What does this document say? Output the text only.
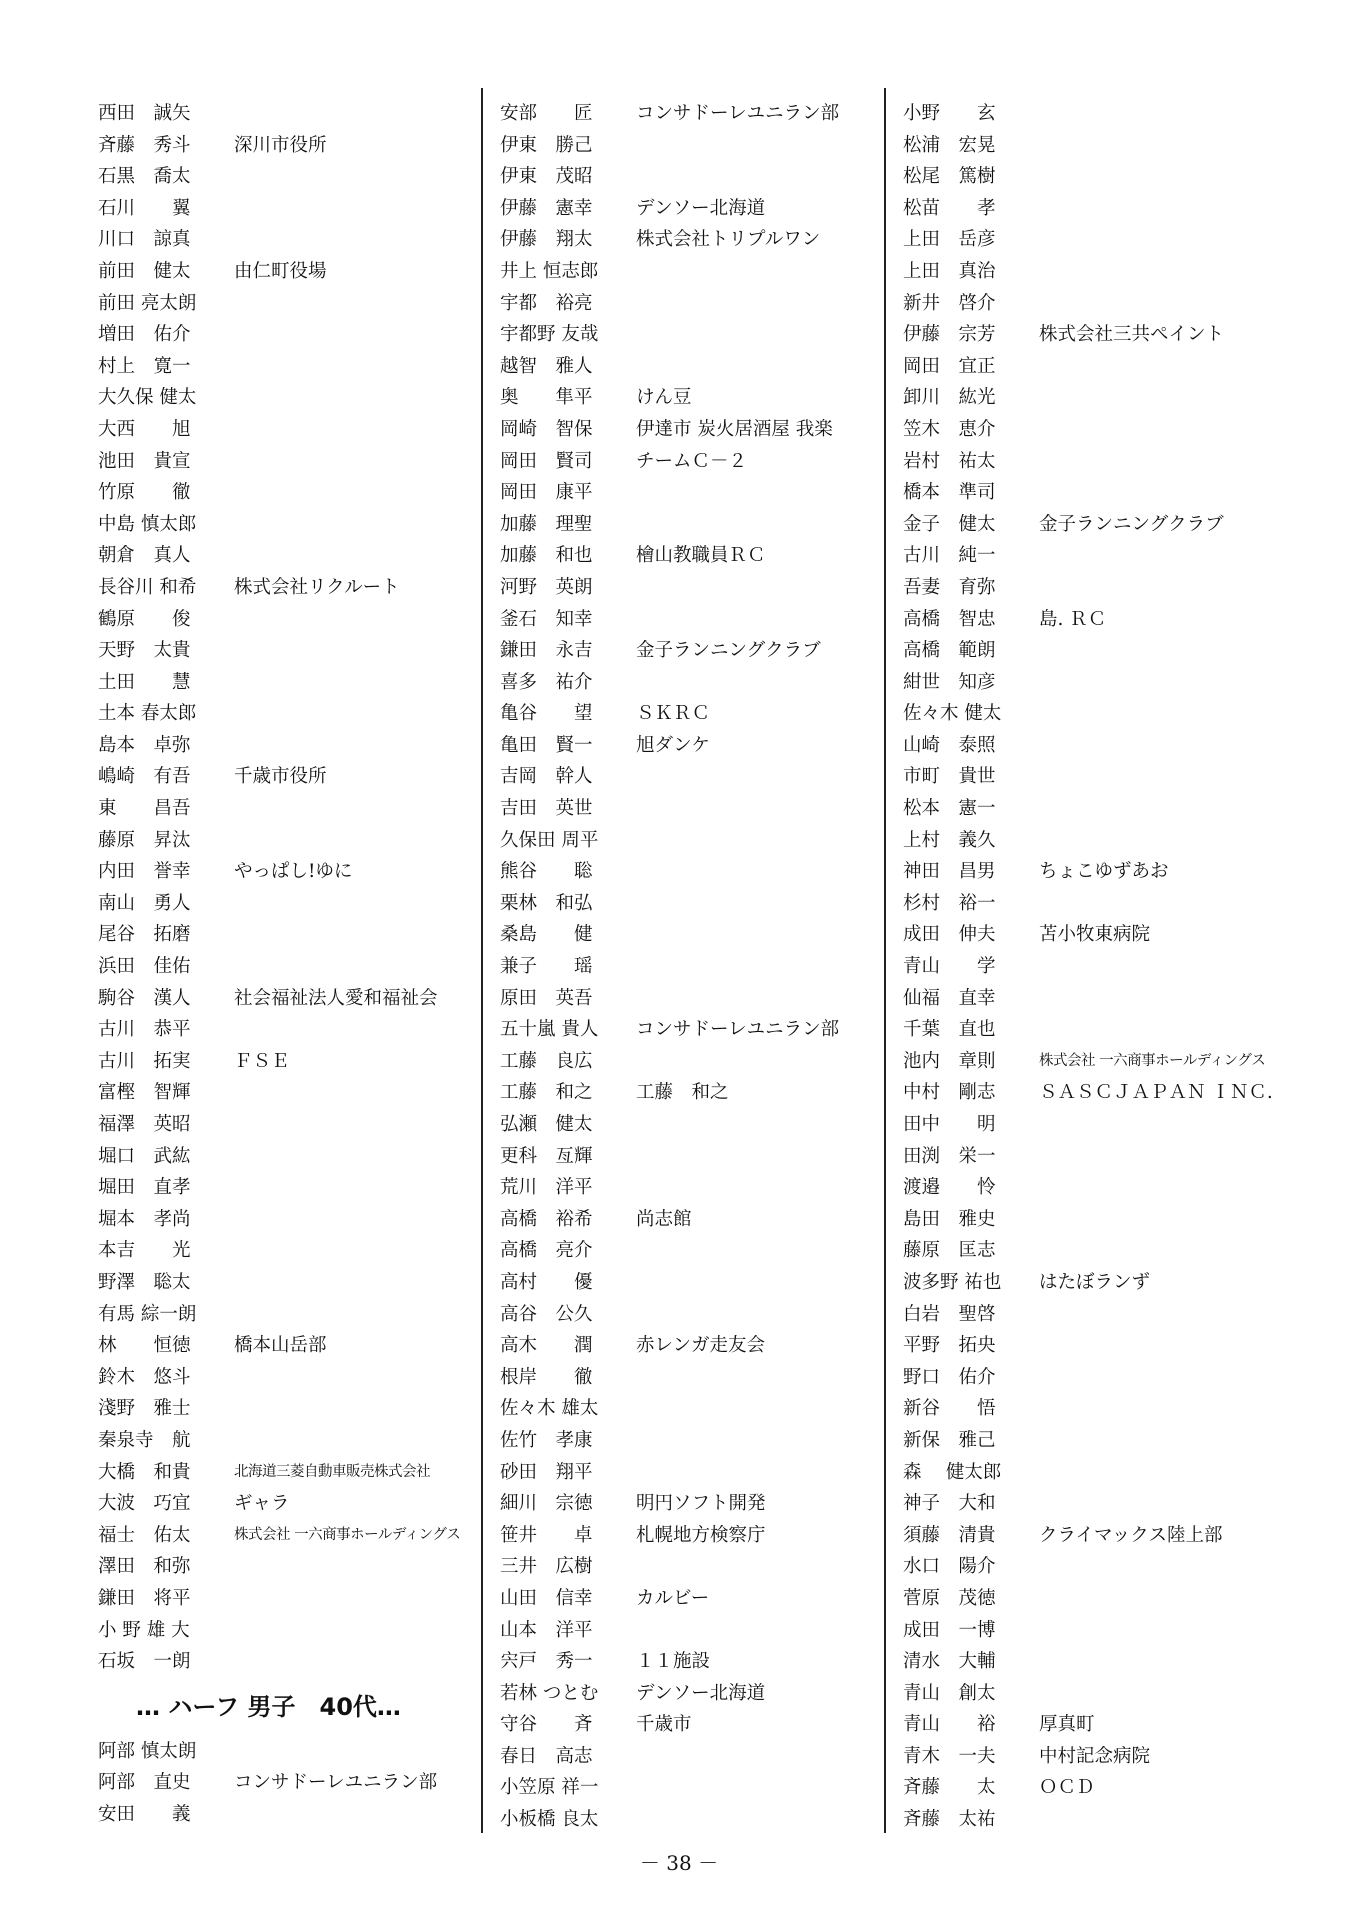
西田　誠矢
斉藤　秀斗	深川市役所
石黒　喬太
石川　　翼
川口　諒真
前田　健太	由仁町役場
前田 亮太朗
増田　佑介
村上　寛一
大久保 健太
大西　　旭
池田　貴宣
竹原　　徹
中島 慎太郎
朝倉　真人
長谷川 和希	株式会社リクルート
鶴原　　俊
天野　太貴
土田　　慧
土本 春太郎
島本　卓弥
嶋崎　有吾	千歳市役所
東　　昌吾
藤原　昇汰
内田　誉幸	やっぱし!ゆに
南山　勇人
尾谷　拓磨
浜田　佳佑
駒谷　漢人	社会福祉法人愛和福祉会
古川　恭平
古川　拓実	ＦＳＥ
富樫　智輝
福澤　英昭
堀口　武紘
堀田　直孝
堀本　孝尚
本吉　　光
野澤　聡太
有馬 綜一朗
林　　恒徳	橋本山岳部
鈴木　悠斗
淺野　雅士
秦泉寺　航
大橋　和貴	北海道三菱自動車販売株式会社
大波　巧宜	ギャラ
福士　佑太	株式会社 一六商事ホールディングス
澤田　和弥
鎌田　将平
小 野 雄 大
石坂　一朗
… ハーフ 男子　40代…
阿部 慎太朗
阿部　直史	コンサドーレユニラン部
安田　　義
安部　　匠	コンサドーレユニラン部
伊東　勝己
伊東　茂昭
伊藤　憲幸	デンソー北海道
伊藤　翔太	株式会社トリプルワン
井上 恒志郎
宇都　裕亮
宇都野 友哉
越智　雅人
奥　　隼平	けん豆
岡崎　智保	伊達市 炭火居酒屋 我楽
岡田　賢司	チームＣ－２
岡田　康平
加藤　理聖
加藤　和也	檜山教職員ＲＣ
河野　英朗
釜石　知幸
鎌田　永吉	金子ランニングクラブ
喜多　祐介
亀谷　　望	ＳＫＲＣ
亀田　賢一	旭ダンケ
吉岡　幹人
吉田　英世
久保田 周平
熊谷　　聡
栗林　和弘
桑島　　健
兼子　　瑶
原田　英吾
五十嵐 貴人	コンサドーレユニラン部
工藤　良広
工藤　和之	工藤　和之
弘瀬　健太
更科　亙輝
荒川　洋平
高橋　裕希	尚志館
高橋　亮介
高村　　優
高谷　公久
高木　　潤	赤レンガ走友会
根岸　　徹
佐々木 雄太
佐竹　孝康
砂田　翔平
細川　宗徳	明円ソフト開発
笹井　　卓	札幌地方検察庁
三井　広樹
山田　信幸	カルビー
山本　洋平
宍戸　秀一	１１施設
若林 つとむ	デンソー北海道
守谷　　斉	千歳市
春日　高志
小笠原 祥一
小板橋 良太
小野　　玄
松浦　宏晃
松尾　篤樹
松苗　　孝
上田　岳彦
上田　真治
新井　啓介
伊藤　宗芳	株式会社三共ペイント
岡田　宜正
卸川　紘光
笠木　恵介
岩村　祐太
橋本　準司
金子　健太	金子ランニングクラブ
古川　純一
吾妻　育弥
高橋　智忠	島. ＲＣ
高橋　範朗
紺世　知彦
佐々木 健太
山崎　泰照
市町　貴世
松本　憲一
上村　義久
神田　昌男	ちょこゆずあお
杉村　裕一
成田　伸夫	苫小牧東病院
青山　　学
仙福　直幸
千葉　直也
池内　章則	株式会社 一六商事ホールディングス
中村　剛志	ＳＡＳＣＪＡＰＡＮ ＩＮＣ.
田中　　明
田渕　栄一
渡邉　　怜
島田　雅史
藤原　匡志
波多野 祐也	はたぼランず
白岩　聖啓
平野　拓央
野口　佑介
新谷　　悟
新保　雅己
森　 健太郎
神子　大和
須藤　清貴	クライマックス陸上部
水口　陽介
菅原　茂徳
成田　一博
清水　大輔
青山　創太
青山　　裕	厚真町
青木　一夫	中村記念病院
斉藤　　太	ＯＣＤ
斉藤　太祐
－ 38 －
